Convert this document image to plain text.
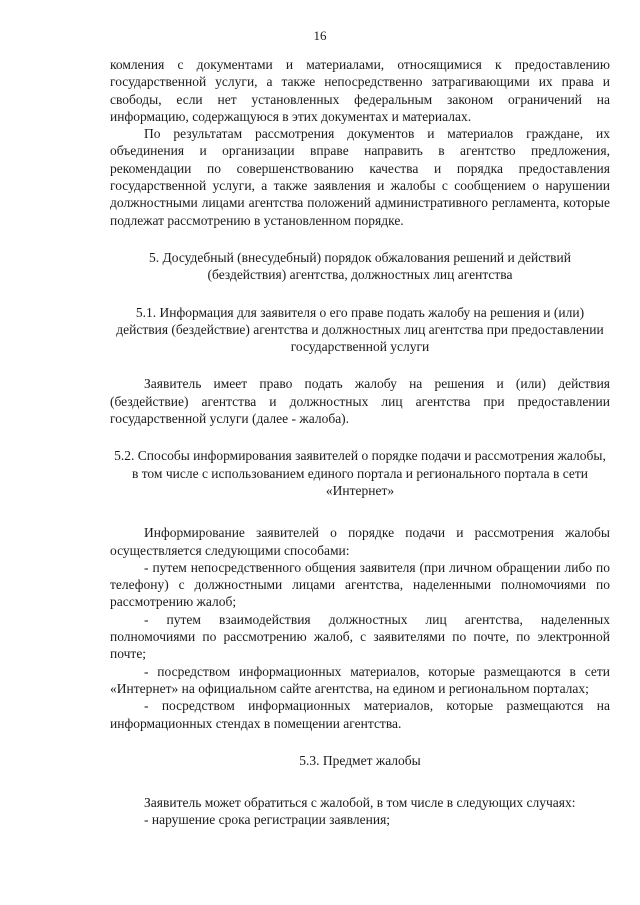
16

комления с документами и материалами, относящимися к предоставлению государственной услуги, а также непосредственно затрагивающими их права и свободы, если нет установленных федеральным законом ограничений на информацию, содержащуюся в этих документах и материалах.

По результатам рассмотрения документов и материалов граждане, их объединения и организации вправе направить в агентство предложения, рекомендации по совершенствованию качества и порядка предоставления государственной услуги, а также заявления и жалобы с сообщением о нарушении должностными лицами агентства положений административного регламента, которые подлежат рассмотрению в установленном порядке.

5. Досудебный (внесудебный) порядок обжалования решений и действий (бездействия) агентства, должностных лиц агентства
5.1. Информация для заявителя о его праве подать жалобу на решения и (или) действия (бездействие) агентства и должностных лиц агентства при предоставлении государственной услуги

Заявитель имеет право подать жалобу на решения и (или) действия (бездействие) агентства и должностных лиц агентства при предоставлении государственной услуги (далее - жалоба).

5.2. Способы информирования заявителей о порядке подачи и рассмотрения жалобы, в том числе с использованием единого портала и регионального портала в сети «Интернет»

Информирование заявителей о порядке подачи и рассмотрения жалобы осуществляется следующими способами:

- путем непосредственного общения заявителя (при личном обращении либо по телефону) с должностными лицами агентства, наделенными полномочиями по рассмотрению жалоб;

- путем взаимодействия должностных лиц агентства, наделенных полномочиями по рассмотрению жалоб, с заявителями по почте, по электронной почте;

- посредством информационных материалов, которые размещаются в сети «Интернет» на официальном сайте агентства, на едином и региональном порталах;

- посредством информационных материалов, которые размещаются на информационных стендах в помещении агентства.

5.3. Предмет жалобы

Заявитель может обратиться с жалобой, в том числе в следующих случаях:

- нарушение срока регистрации заявления;
